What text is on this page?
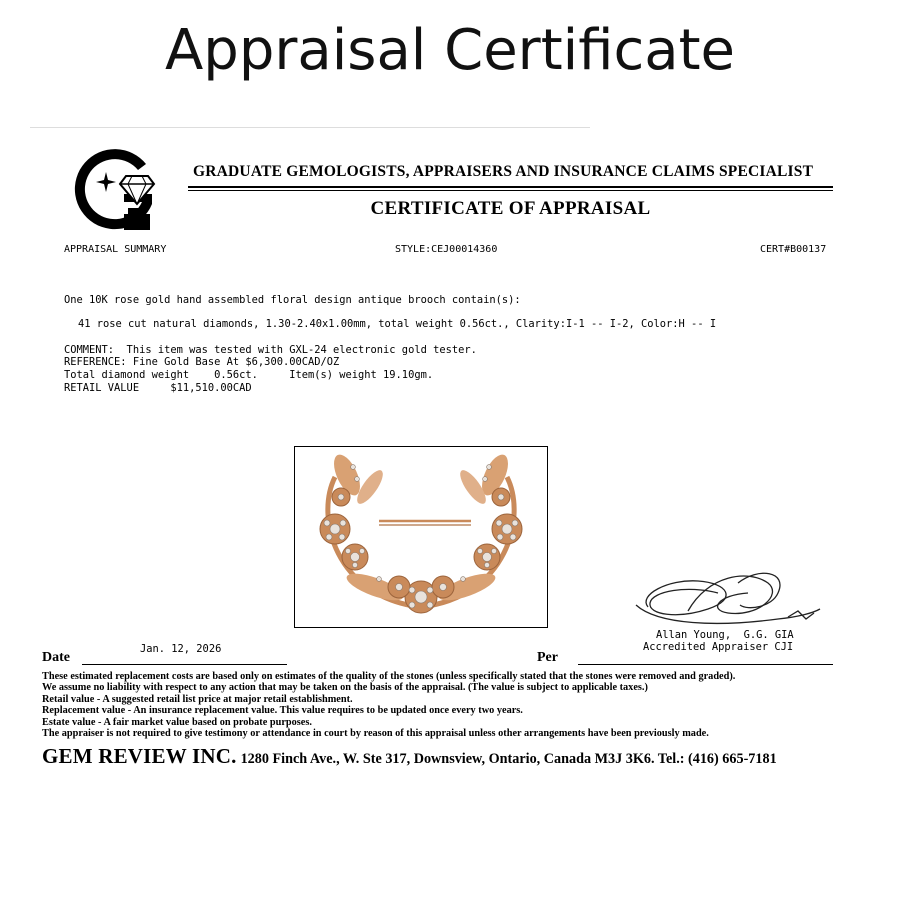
Appraisal Certificate
GRADUATE GEMOLOGISTS, APPRAISERS AND INSURANCE CLAIMS SPECIALIST
CERTIFICATE OF APPRAISAL
APPRAISAL SUMMARY	STYLE:CEJ00014360	CERT#B00137
One 10K rose gold hand assembled floral design antique brooch contain(s):
41 rose cut natural diamonds, 1.30-2.40x1.00mm, total weight 0.56ct., Clarity:I-1 -- I-2, Color:H -- I
COMMENT:  This item was tested with GXL-24 electronic gold tester.
REFERENCE: Fine Gold Base At $6,300.00CAD/OZ
Total diamond weight    0.56ct.     Item(s) weight 19.10gm.
RETAIL VALUE     $11,510.00CAD
Allan Young,  G.G. GIA
Accredited Appraiser CJI
Jan. 12, 2026
Date	Per
These estimated replacement costs are based only on estimates of the quality of the stones (unless specifically stated that the stones were removed and graded).
We assume no liability with respect to any action that may be taken on the basis of the appraisal. (The value is subject to applicable taxes.)
Retail value - A suggested retail list price at major retail establishment.
Replacement value - An insurance replacement value. This value requires to be updated once every two years.
Estate value - A fair market value based on probate purposes.
The appraiser is not required to give testimony or attendance in court by reason of this appraisal unless other arrangements have been previously made.
GEM REVIEW INC. 1280 Finch Ave., W. Ste 317, Downsview, Ontario, Canada M3J 3K6. Tel.: (416) 665-7181
